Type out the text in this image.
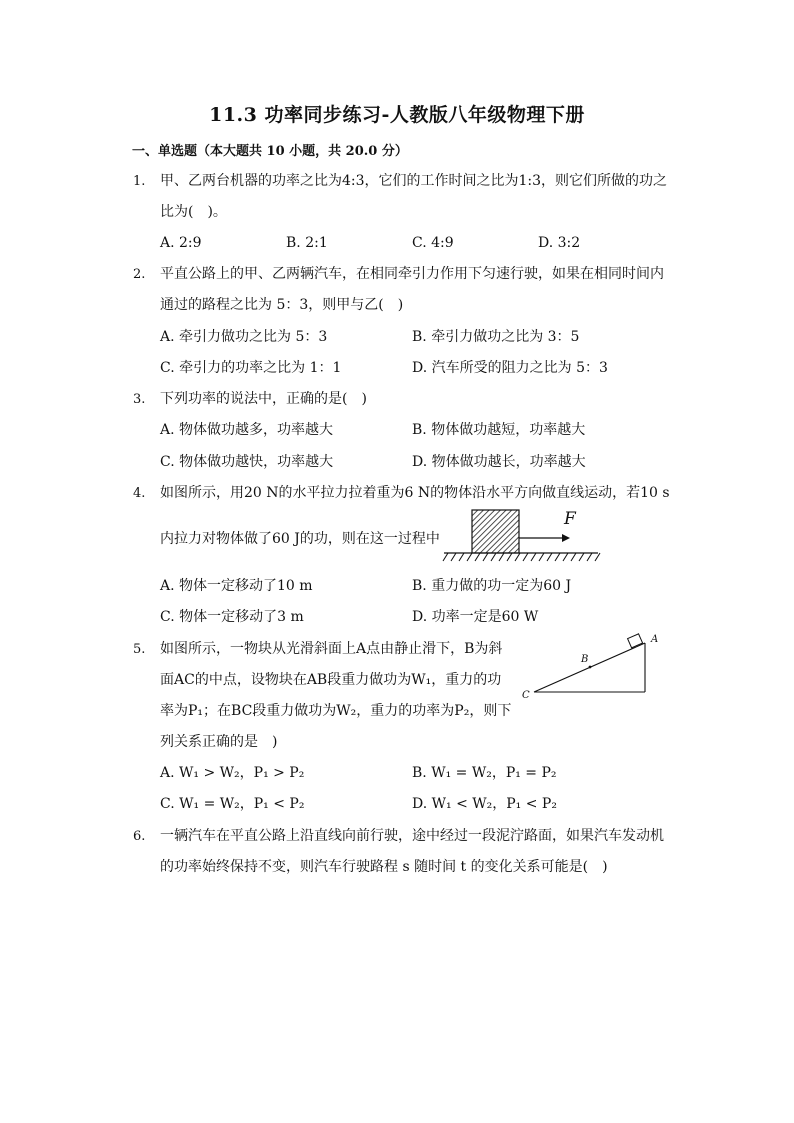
11.3 功率同步练习-人教版八年级物理下册
一、单选题（本大题共 10 小题，共 20.0 分）
1. 甲、乙两台机器的功率之比为4:3，它们的工作时间之比为1:3，则它们所做的功之
比为(　)。
A. 2:9	B. 2:1	C. 4:9	D. 3:2
2. 平直公路上的甲、乙两辆汽车，在相同牵引力作用下匀速行驶，如果在相同时间内
通过的路程之比为 5：3，则甲与乙(　)
A. 牵引力做功之比为 5：3	B. 牵引力做功之比为 3：5
C. 牵引力的功率之比为 1：1	D. 汽车所受的阻力之比为 5：3
3. 下列功率的说法中，正确的是(　)
A. 物体做功越多，功率越大	B. 物体做功越短，功率越大
C. 物体做功越快，功率越大	D. 物体做功越长，功率越大
4. 如图所示，用20 N的水平拉力拉着重为6 N的物体沿水平方向做直线运动，若10 s
内拉力对物体做了60 J的功，则在这一过程中
F
A. 物体一定移动了10 m	B. 重力做的功一定为60 J
C. 物体一定移动了3 m	D. 功率一定是60 W
5. 如图所示，一物块从光滑斜面上A点由静止滑下，B为斜
面AC的中点，设物块在AB段重力做功为W₁，重力的功
率为P₁；在BC段重力做功为W₂，重力的功率为P₂，则下
列关系正确的是　)
A
B
C
A. W₁ > W₂，P₁ > P₂	B. W₁ = W₂，P₁ = P₂
C. W₁ = W₂，P₁ < P₂	D. W₁ < W₂，P₁ < P₂
6. 一辆汽车在平直公路上沿直线向前行驶，途中经过一段泥泞路面，如果汽车发动机
的功率始终保持不变，则汽车行驶路程 s 随时间 t 的变化关系可能是(　)
